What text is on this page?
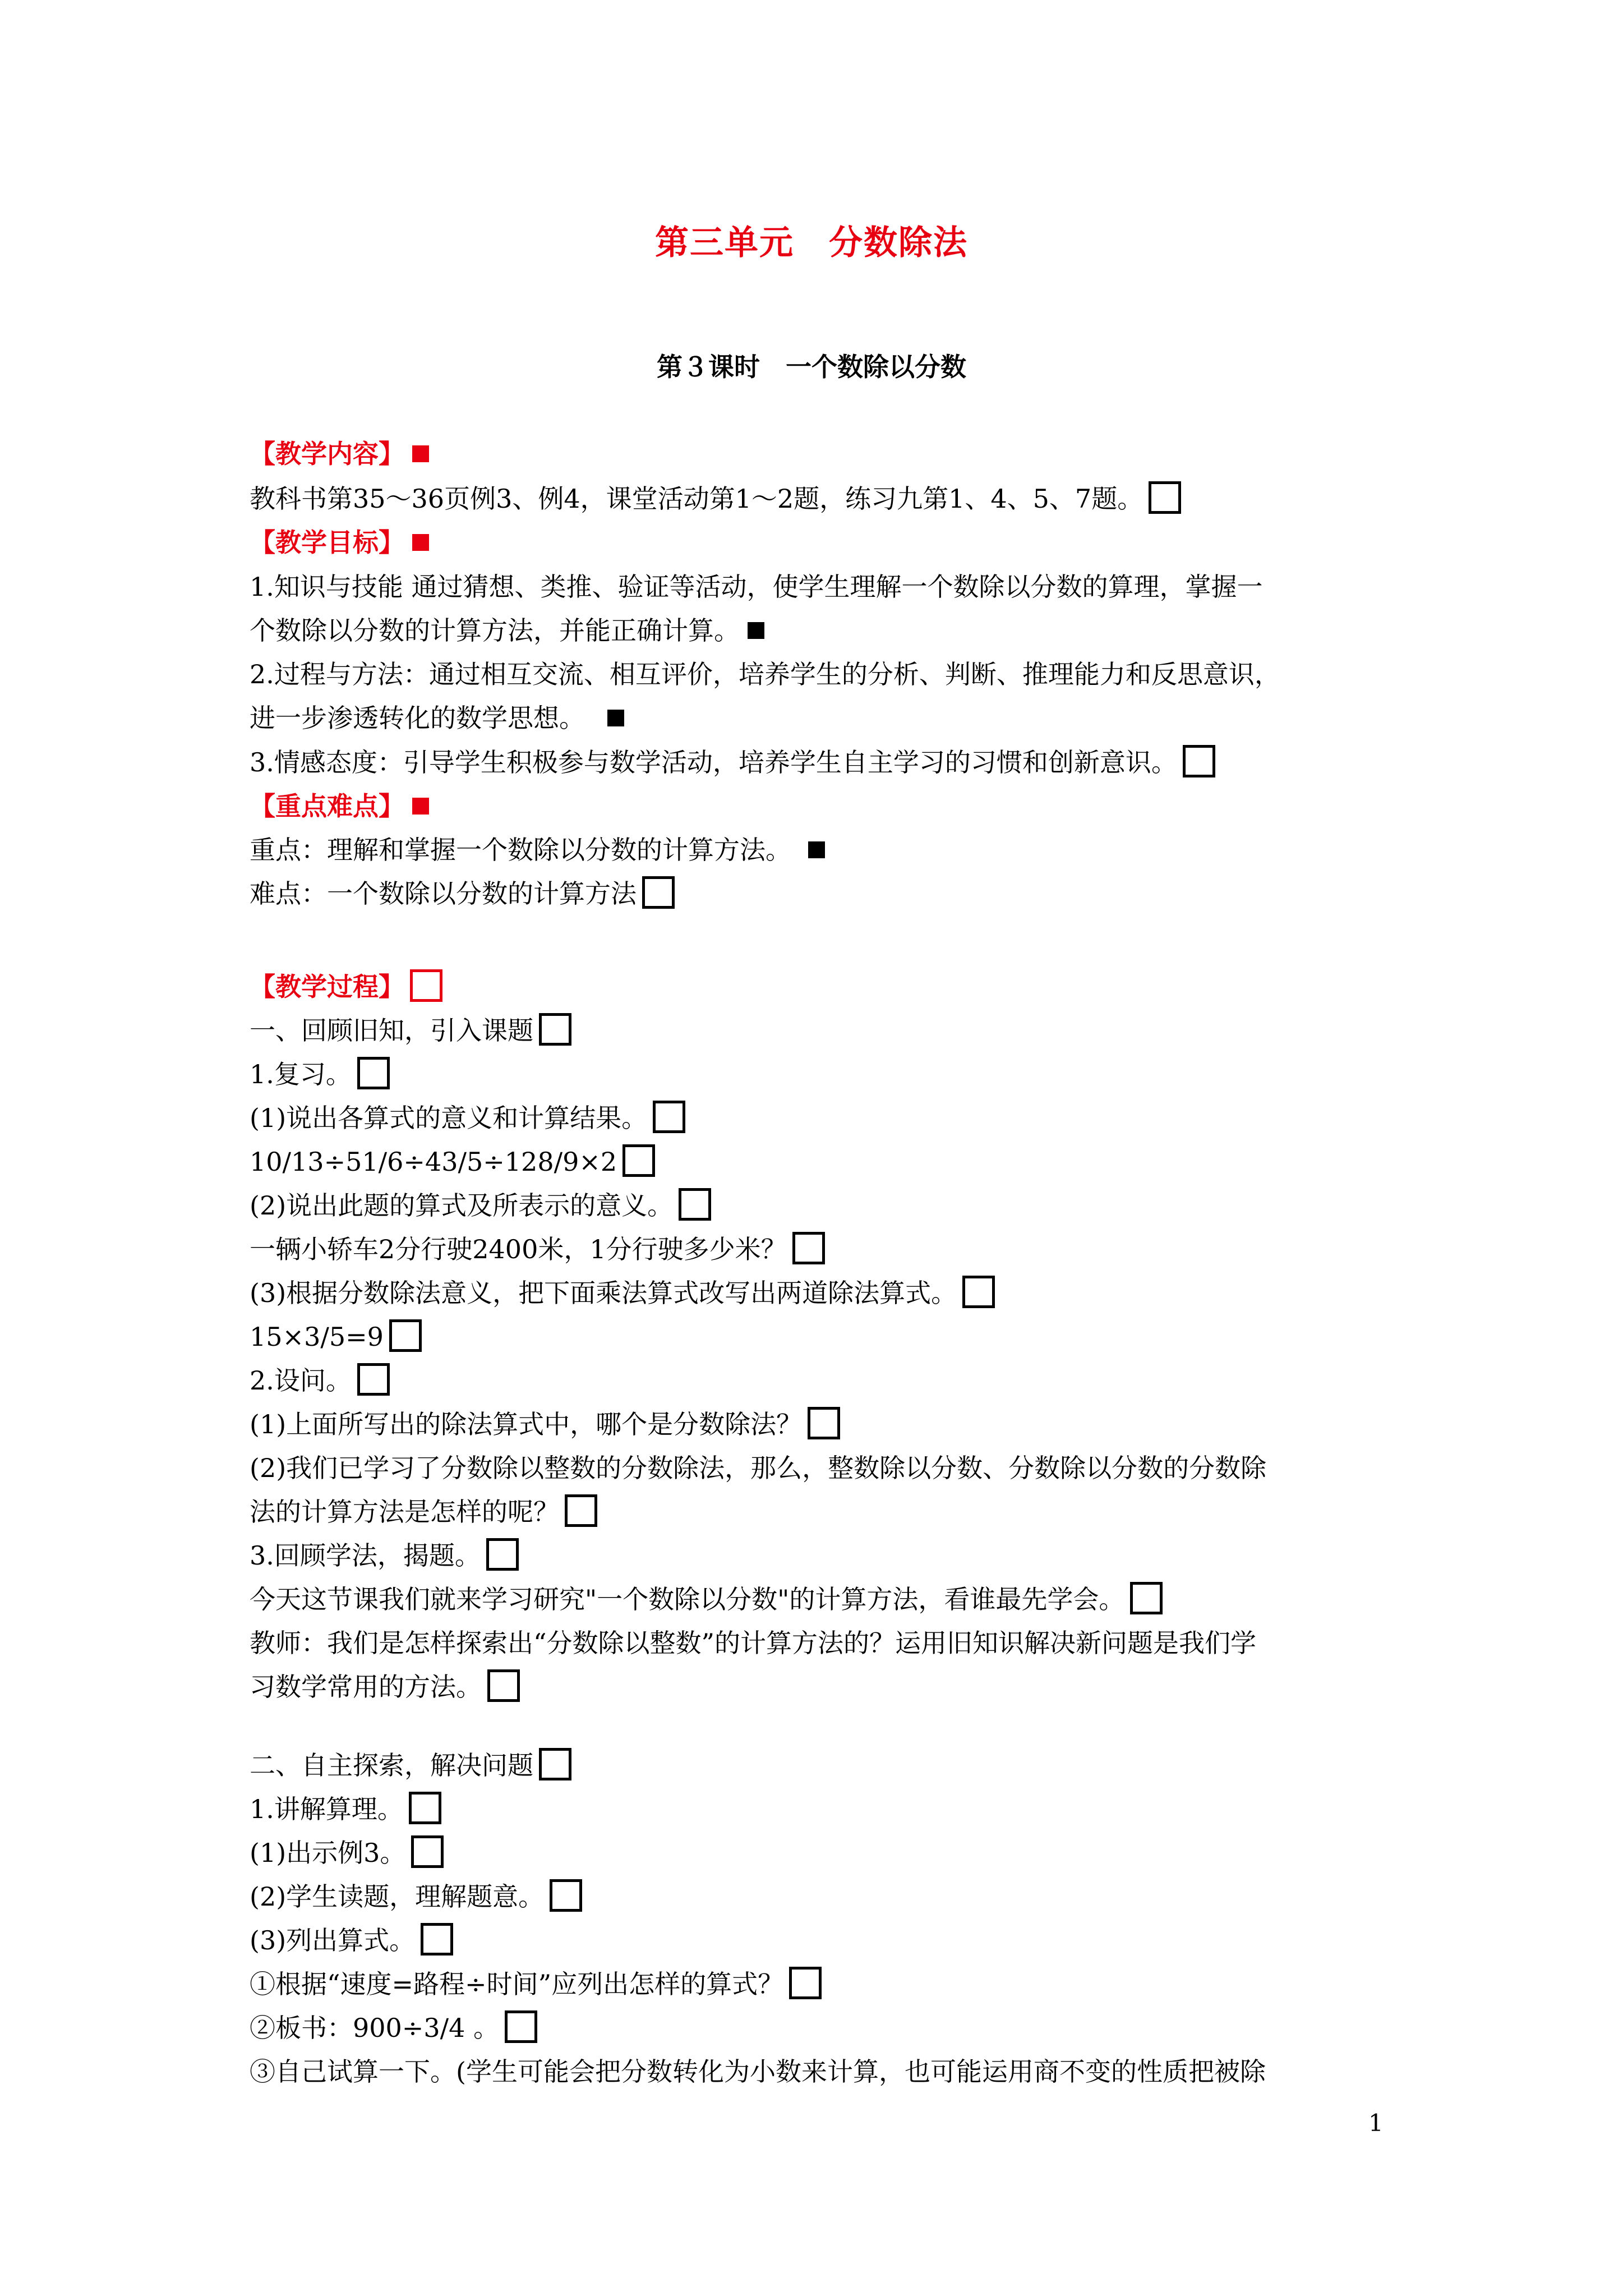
第三单元　分数除法
第３课时　一个数除以分数
【教学内容】
教科书第35～36页例3、例4，课堂活动第1～2题，练习九第1、4、5、7题。
【教学目标】
1.知识与技能 通过猜想、类推、验证等活动，使学生理解一个数除以分数的算理，掌握一
个数除以分数的计算方法，并能正确计算。
2.过程与方法：通过相互交流、相互评价，培养学生的分析、判断、推理能力和反思意识，
进一步渗透转化的数学思想。
3.情感态度：引导学生积极参与数学活动，培养学生自主学习的习惯和创新意识。
【重点难点】
重点：理解和掌握一个数除以分数的计算方法。
难点：一个数除以分数的计算方法
【教学过程】
一、回顾旧知，引入课题
1.复习。
(1)说出各算式的意义和计算结果。
10/13÷51/6÷43/5÷128/9×2
(2)说出此题的算式及所表示的意义。
一辆小轿车2分行驶2400米，1分行驶多少米？
(3)根据分数除法意义，把下面乘法算式改写出两道除法算式。
15×3/5=9
2.设问。
(1)上面所写出的除法算式中，哪个是分数除法？
(2)我们已学习了分数除以整数的分数除法，那么，整数除以分数、分数除以分数的分数除
法的计算方法是怎样的呢？
3.回顾学法，揭题。
今天这节课我们就来学习研究"一个数除以分数"的计算方法，看谁最先学会。
教师：我们是怎样探索出“分数除以整数”的计算方法的？运用旧知识解决新问题是我们学
习数学常用的方法。
二、自主探索，解决问题
1.讲解算理。
(1)出示例3。
(2)学生读题，理解题意。
(3)列出算式。
①根据“速度=路程÷时间”应列出怎样的算式？
②板书：900÷3/4 。
③自己试算一下。(学生可能会把分数转化为小数来计算，也可能运用商不变的性质把被除
1
